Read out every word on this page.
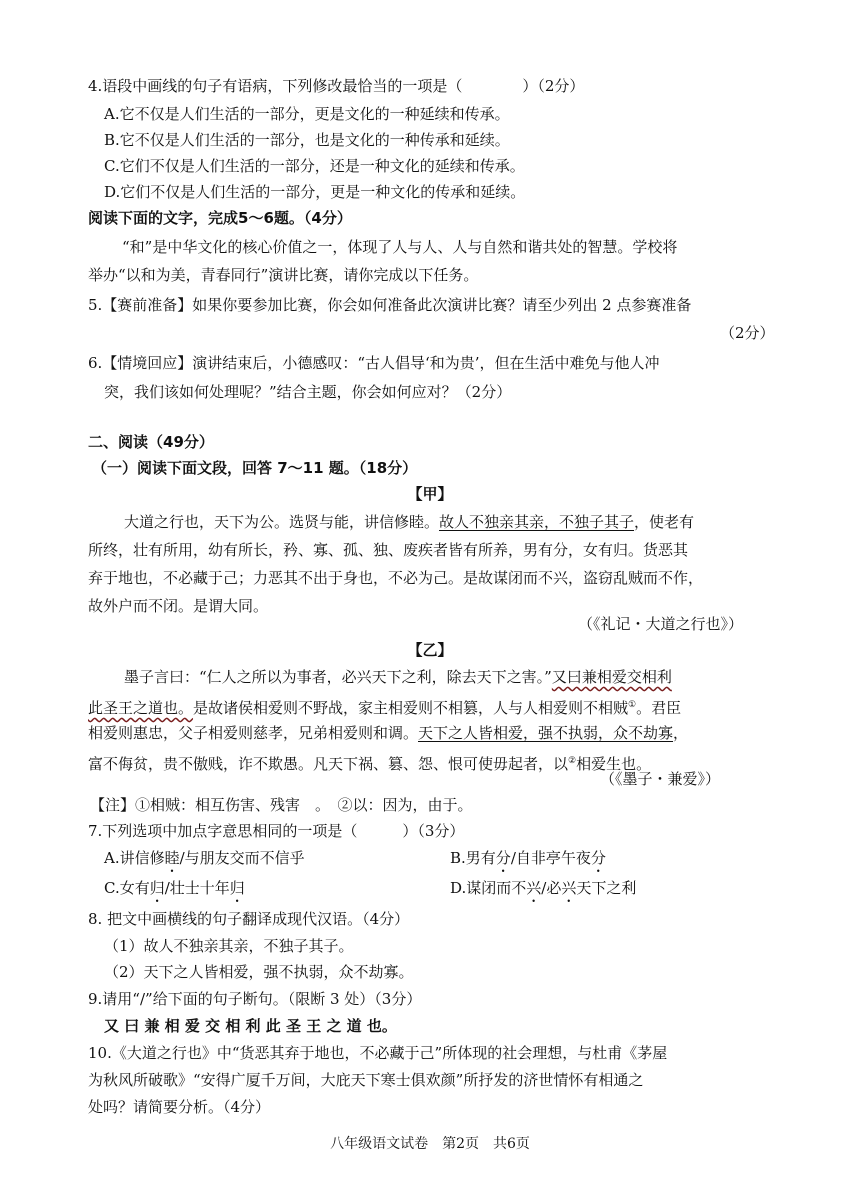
4.语段中画线的句子有语病，下列修改最恰当的一项是（　　　　）（2分）
A.它不仅是人们生活的一部分，更是文化的一种延续和传承。
B.它不仅是人们生活的一部分，也是文化的一种传承和延续。
C.它们不仅是人们生活的一部分，还是一种文化的延续和传承。
D.它们不仅是人们生活的一部分，更是一种文化的传承和延续。
阅读下面的文字，完成5～6题。（4分）
“和”是中华文化的核心价值之一，体现了人与人、人与自然和谐共处的智慧。学校将
举办“以和为美，青春同行”演讲比赛，请你完成以下任务。
5.【赛前准备】如果你要参加比赛，你会如何准备此次演讲比赛？请至少列出 2 点参赛准备
（2分）
6.【情境回应】演讲结束后，小德感叹：“古人倡导‘和为贵’，但在生活中难免与他人冲
突，我们该如何处理呢？”结合主题，你会如何应对？（2分）
二、阅读（49分）
（一）阅读下面文段，回答 7～11 题。（18分）
【甲】
大道之行也，天下为公。选贤与能，讲信修睦。故人不独亲其亲，不独子其子，使老有
所终，壮有所用，幼有所长，矜、寡、孤、独、废疾者皆有所养，男有分，女有归。货恶其
弃于地也，不必藏于己；力恶其不出于身也，不必为己。是故谋闭而不兴，盗窃乱贼而不作，
故外户而不闭。是谓大同。
（《礼记・大道之行也》）
【乙】
墨子言曰：“仁人之所以为事者，必兴天下之利，除去天下之害。”又曰兼相爱交相利
此圣王之道也。是故诸侯相爱则不野战，家主相爱则不相篡，人与人相爱则不相贼①。君臣
相爱则惠忠，父子相爱则慈孝，兄弟相爱则和调。天下之人皆相爱，强不执弱，众不劫寡，
富不侮贫，贵不傲贱，诈不欺愚。凡天下祸、篡、怨、恨可使毋起者，以②相爱生也。
（《墨子・兼爱》）
【注】①相贼：相互伤害、残害　。　②以：因为，由于。
7.下列选项中加点字意思相同的一项是（　　　）（3分）
A.讲信修睦/与朋友交而不信乎	B.男有分/自非亭午夜分
C.女有归/壮士十年归	D.谋闭而不兴/必兴天下之利
8. 把文中画横线的句子翻译成现代汉语。（4分）
（1）故人不独亲其亲，不独子其子。
（2）天下之人皆相爱，强不执弱，众不劫寡。
9.请用“/”给下面的句子断句。（限断 3 处）（3分）
又 曰 兼 相 爱 交 相 利 此 圣 王 之 道 也。
10.《大道之行也》中“货恶其弃于地也，不必藏于己”所体现的社会理想，与杜甫《茅屋
为秋风所破歌》“安得广厦千万间，大庇天下寒士俱欢颜”所抒发的济世情怀有相通之
处吗？请简要分析。（4分）
八年级语文试卷　第2页　共6页
